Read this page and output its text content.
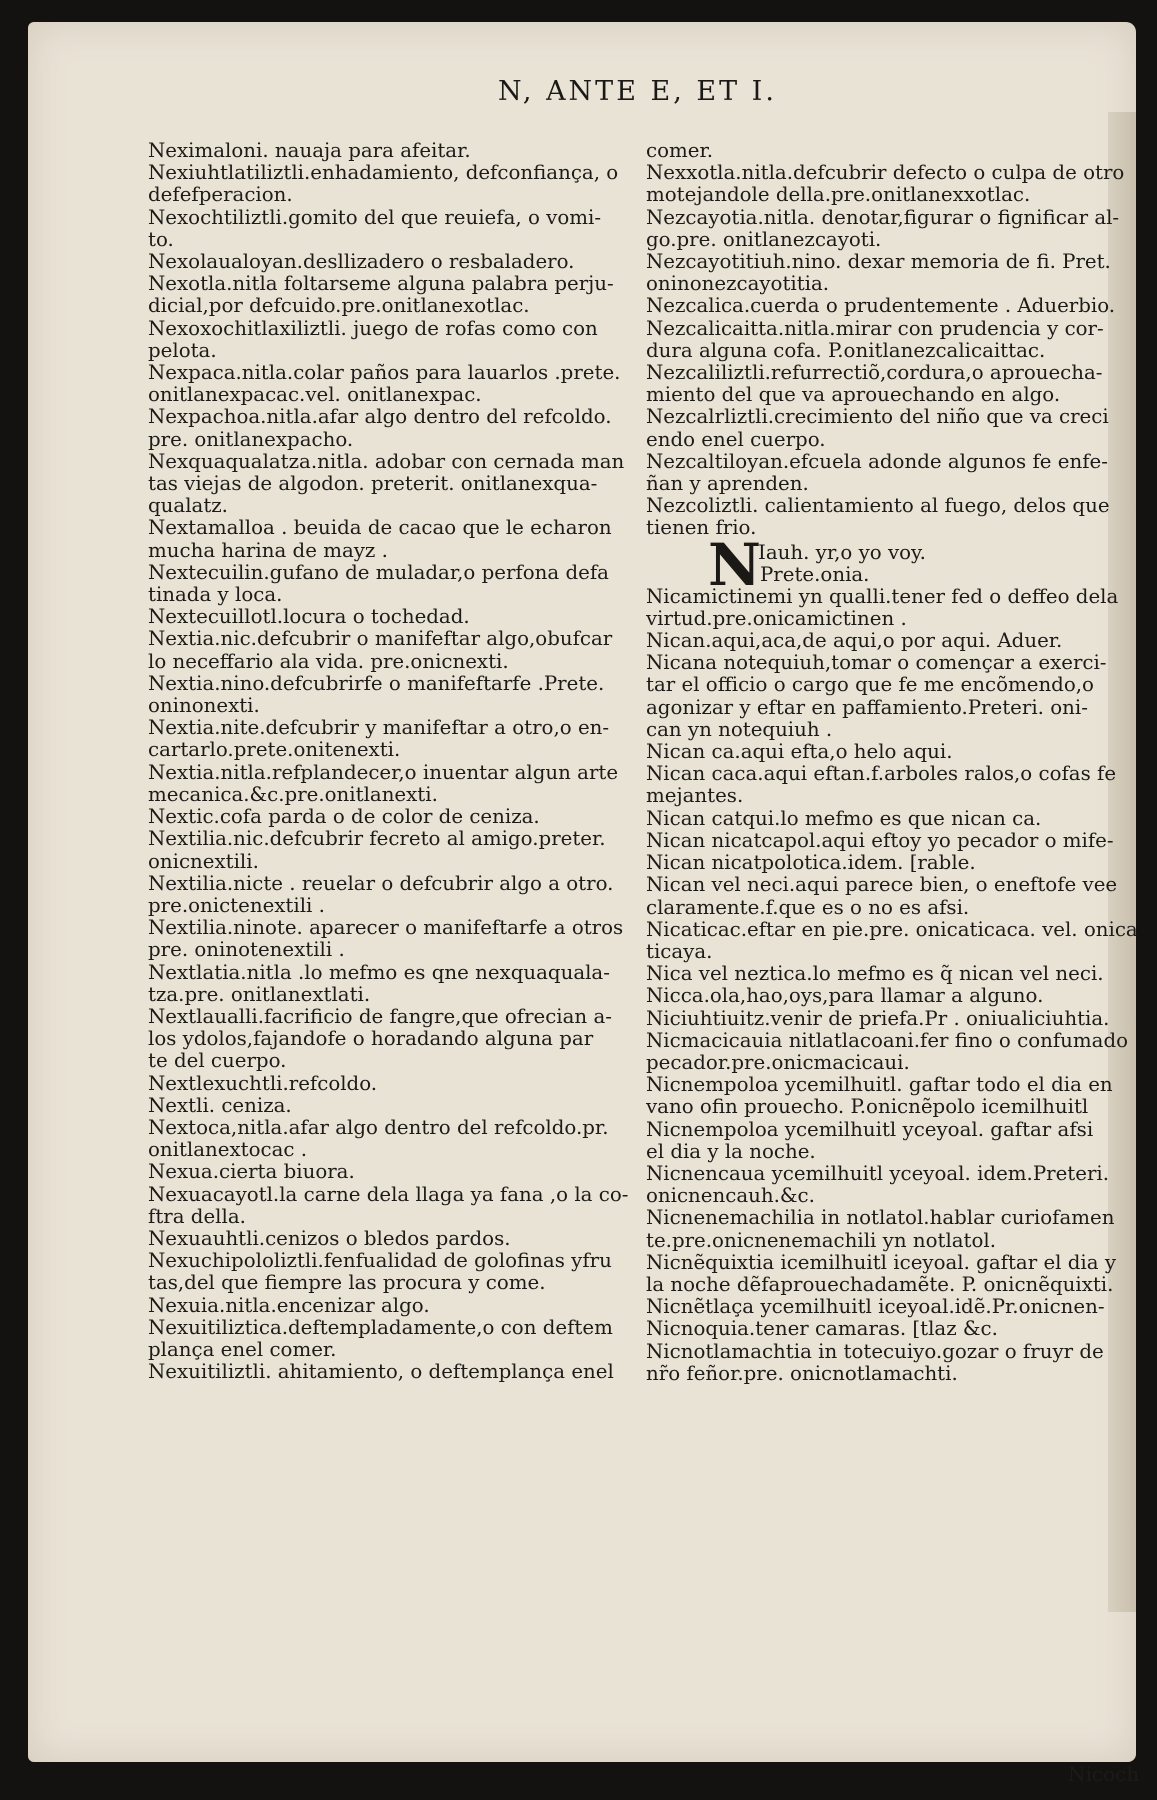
N, ANTE E, ET I.
Neximaloni. nauaja para afeitar.
Nexiuhtlatiliztli.enhadamiento, defconfiança, o
defefperacion.
Nexochtiliztli.gomito del que reuiefa, o vomi-
to.
Nexolaualoyan.desllizadero o resbaladero.
Nexotla.nitla foltarseme alguna palabra perju-
dicial,por defcuido.pre.onitlanexotlac.
Nexoxochitlaxiliztli. juego de rofas como con
pelota.
Nexpaca.nitla.colar paños para lauarlos .prete.
onitlanexpacac.vel. onitlanexpac.
Nexpachoa.nitla.afar algo dentro del refcoldo.
pre. onitlanexpacho.
Nexquaqualatza.nitla. adobar con cernada man
tas viejas de algodon. preterit. onitlanexqua-
qualatz.
Nextamalloa . beuida de cacao que le echaron
mucha harina de mayz .
Nextecuilin.gufano de muladar,o perfona defa
tinada y loca.
Nextecuillotl.locura o tochedad.
Nextia.nic.defcubrir o manifeftar algo,obufcar
lo neceffario ala vida. pre.onicnexti.
Nextia.nino.defcubrirfe o manifeftarfe .Prete.
oninonexti.
Nextia.nite.defcubrir y manifeftar a otro,o en-
cartarlo.prete.onitenexti.
Nextia.nitla.refplandecer,o inuentar algun arte
mecanica.&c.pre.onitlanexti.
Nextic.cofa parda o de color de ceniza.
Nextilia.nic.defcubrir fecreto al amigo.preter.
onicnextili.
Nextilia.nicte . reuelar o defcubrir algo a otro.
pre.onictenextili .
Nextilia.ninote. aparecer o manifeftarfe a otros
pre. oninotenextili .
Nextlatia.nitla .lo mefmo es qne nexquaquala-
tza.pre. onitlanextlati.
Nextlaualli.facrificio de fangre,que ofrecian a-
los ydolos,fajandofe o horadando alguna par
te del cuerpo.
Nextlexuchtli.refcoldo.
Nextli. ceniza.
Nextoca,nitla.afar algo dentro del refcoldo.pr.
onitlanextocac .
Nexua.cierta biuora.
Nexuacayotl.la carne dela llaga ya fana ,o la co-
ftra della.
Nexuauhtli.cenizos o bledos pardos.
Nexuchipololiztli.fenfualidad de golofinas yfru
tas,del que fiempre las procura y come.
Nexuia.nitla.encenizar algo.
Nexuitiliztica.deftempladamente,o con deftem
plança enel comer.
Nexuitiliztli. ahitamiento, o deftemplança enel
comer.
Nexxotla.nitla.defcubrir defecto o culpa de otro
motejandole della.pre.onitlanexxotlac.
Nezcayotia.nitla. denotar,figurar o fignificar al-
go.pre. onitlanezcayoti.
Nezcayotitiuh.nino. dexar memoria de fi. Pret.
oninonezcayotitia.
Nezcalica.cuerda o prudentemente . Aduerbio.
Nezcalicaitta.nitla.mirar con prudencia y cor-
dura alguna cofa. P.onitlanezcalicaittac.
Nezcaliliztli.refurrectiõ,cordura,o aprouecha-
miento del que va aprouechando en algo.
Nezcalrliztli.crecimiento del niño que va creci
endo enel cuerpo.
Nezcaltiloyan.efcuela adonde algunos fe enfe-
ñan y aprenden.
Nezcoliztli. calientamiento al fuego, delos que
tienen frio.
N
Iauh. yr,o yo voy.
Prete.onia.
Nicamictinemi yn qualli.tener fed o deffeo dela
virtud.pre.onicamictinen .
Nican.aqui,aca,de aqui,o por aqui. Aduer.
Nicana notequiuh,tomar o començar a exerci-
tar el officio o cargo que fe me encõmendo,o
agonizar y eftar en paffamiento.Preteri. oni-
can yn notequiuh .
Nican ca.aqui efta,o helo aqui.
Nican caca.aqui eftan.f.arboles ralos,o cofas fe
mejantes.
Nican catqui.lo mefmo es que nican ca.
Nican nicatcapol.aqui eftoy yo pecador o mife-
Nican nicatpolotica.idem. [rable.
Nican vel neci.aqui parece bien, o eneftofe vee
claramente.f.que es o no es afsi.
Nicaticac.eftar en pie.pre. onicaticaca. vel. onica
ticaya.
Nica vel neztica.lo mefmo es q̃ nican vel neci.
Nicca.ola,hao,oys,para llamar a alguno.
Niciuhtiuitz.venir de priefa.Pr . oniualiciuhtia.
Nicmacicauia nitlatlacoani.fer fino o confumado
pecador.pre.onicmacicaui.
Nicnempoloa ycemilhuitl. gaftar todo el dia en
vano ofin prouecho. P.onicnẽpolo icemilhuitl
Nicnempoloa ycemilhuitl yceyoal. gaftar afsi
el dia y la noche.
Nicnencaua ycemilhuitl yceyoal. idem.Preteri.
onicnencauh.&c.
Nicnenemachilia in notlatol.hablar curiofamen
te.pre.onicnenemachili yn notlatol.
Nicnẽquixtia icemilhuitl iceyoal. gaftar el dia y
la noche dẽfaprouechadamẽte. P. onicnẽquixti.
Nicnẽtlaça ycemilhuitl iceyoal.idẽ.Pr.onicnen-
Nicnoquia.tener camaras. [tlaz &c.
Nicnotlamachtia in totecuiyo.gozar o fruyr de
nr̃o feñor.pre. onicnotlamachti.
Nicoch
